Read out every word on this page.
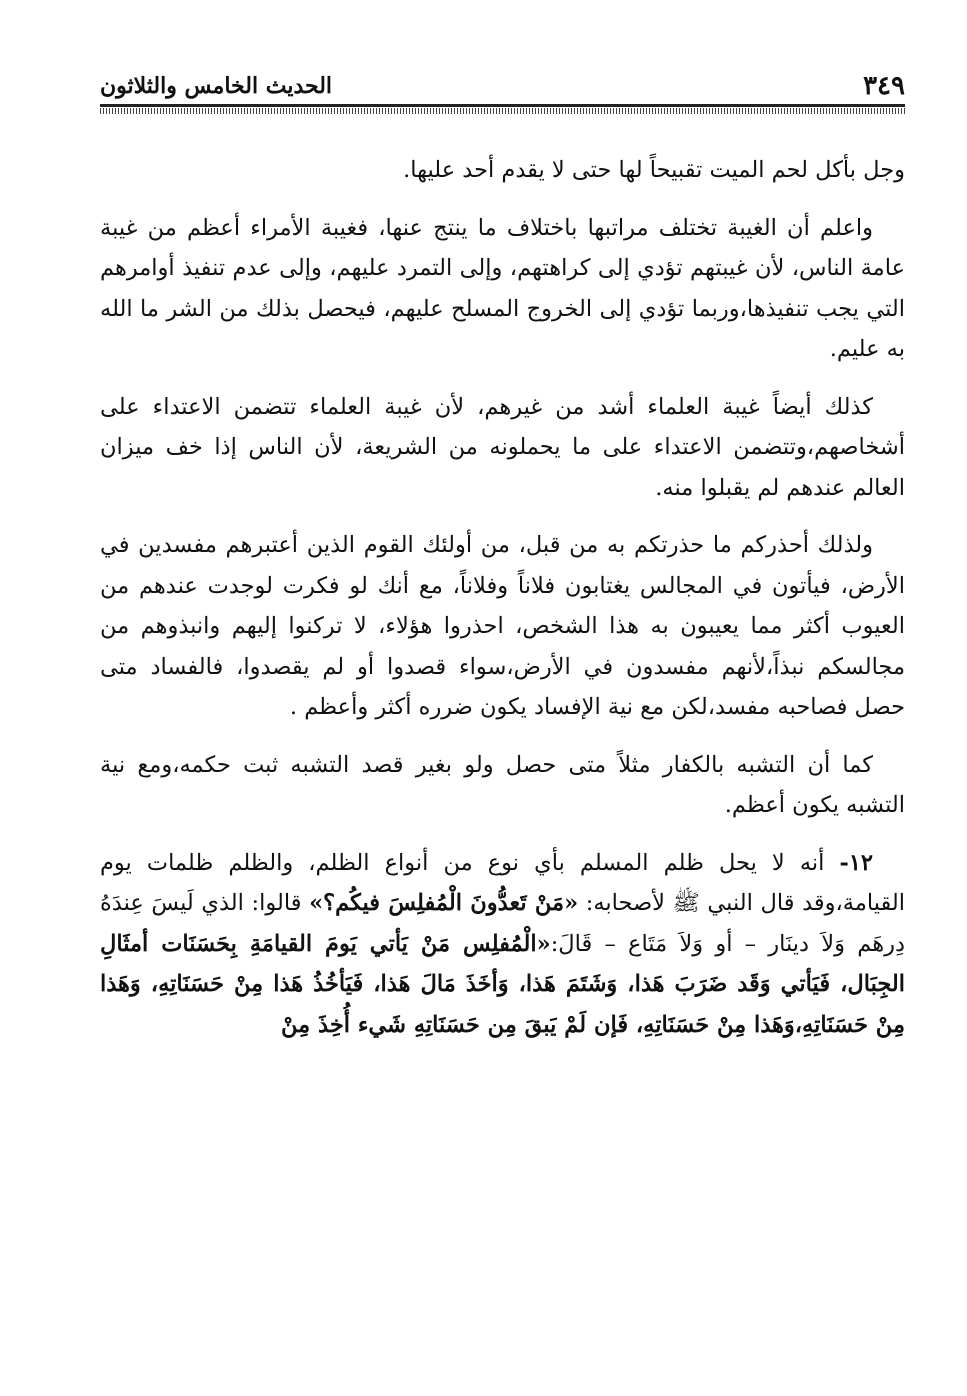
٣٤٩
الحديث الخامس والثلاثون

وجل بأكل لحم الميت تقبيحاً لها حتى لا يقدم أحد عليها.

واعلم أن الغيبة تختلف مراتبها باختلاف ما ينتج عنها، فغيبة الأمراء أعظم من غيبة عامة الناس، لأن غيبتهم تؤدي إلى كراهتهم، وإلى التمرد عليهم، وإلى عدم تنفيذ أوامرهم التي يجب تنفيذها،وربما تؤدي إلى الخروج المسلح عليهم، فيحصل بذلك من الشر ما الله به عليم.

كذلك أيضاً غيبة العلماء أشد من غيرهم، لأن غيبة العلماء تتضمن الاعتداء على أشخاصهم،وتتضمن الاعتداء على ما يحملونه من الشريعة، لأن الناس إذا خف ميزان العالم عندهم لم يقبلوا منه.

ولذلك أحذركم ما حذرتكم به من قبل، من أولئك القوم الذين أعتبرهم مفسدين في الأرض، فيأتون في المجالس يغتابون فلاناً وفلاناً، مع أنك لو فكرت لوجدت عندهم من العيوب أكثر مما يعيبون به هذا الشخص، احذروا هؤلاء، لا تركنوا إليهم وانبذوهم من مجالسكم نبذاً،لأنهم مفسدون في الأرض،سواء قصدوا أو لم يقصدوا، فالفساد متى حصل فصاحبه مفسد،لكن مع نية الإفساد يكون ضرره أكثر وأعظم .

كما أن التشبه بالكفار مثلاً متى حصل ولو بغير قصد التشبه ثبت حكمه،ومع نية التشبه يكون أعظم.

١٢- أنه لا يحل ظلم المسلم بأي نوع من أنواع الظلم، والظلم ظلمات يوم القيامة،وقد قال النبي ﷺ لأصحابه: «مَنْ تَعدُّونَ الْمُفلِسَ فيكُم؟» قالوا: الذي لَيسَ عِندَهُ دِرهَم وَلاَ دينَار – أو وَلاَ مَتَاع – قَالَ:«الْمُفلِس مَنْ يَأتي يَومَ القيامَةِ بِحَسَنَات أمثَالِ الجِبَال، فَيَأتي وَقَد ضَرَبَ هَذا، وَشَتَمَ هَذا، وَأخَذَ مَالَ هَذا، فَيَأخُذُ هَذا مِنْ حَسَنَاتِهِ، وَهَذا مِنْ حَسَنَاتِهِ،وَهَذا مِنْ حَسَنَاتِهِ، فَإن لَمْ يَبقَ مِن حَسَنَاتِهِ شَيء أُخِذَ مِنْ
